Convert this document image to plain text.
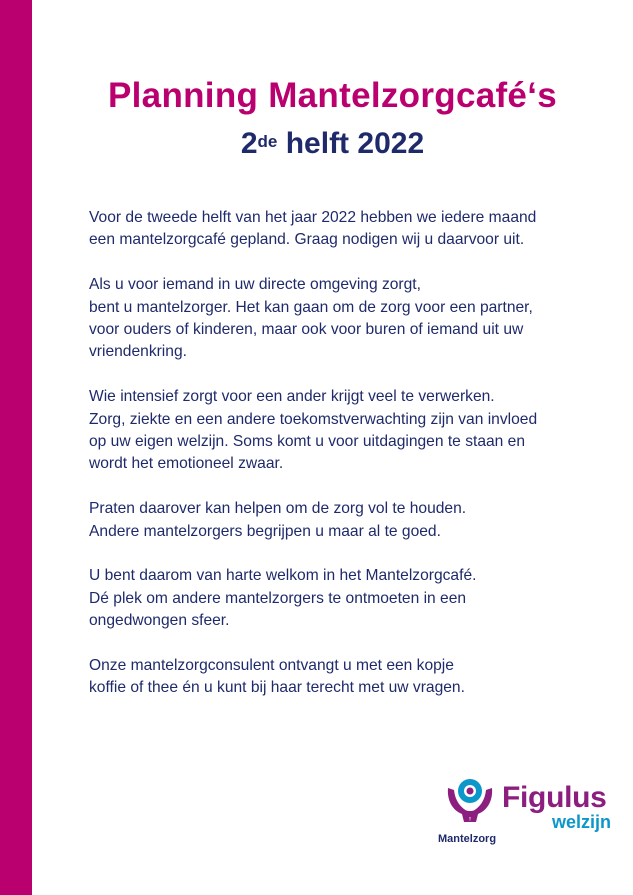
Planning Mantelzorgcafé‘s
2de helft 2022

Voor de tweede helft van het jaar 2022 hebben we iedere maand
een mantelzorgcafé gepland. Graag nodigen wij u daarvoor uit.

Als u voor iemand in uw directe omgeving zorgt,
bent u mantelzorger. Het kan gaan om de zorg voor een partner,
voor ouders of kinderen, maar ook voor buren of iemand uit uw
vriendenkring.

Wie intensief zorgt voor een ander krijgt veel te verwerken.
Zorg, ziekte en een andere toekomstverwachting zijn van invloed
op uw eigen welzijn. Soms komt u voor uitdagingen te staan en
wordt het emotioneel zwaar.

Praten daarover kan helpen om de zorg vol te houden.
Andere mantelzorgers begrijpen u maar al te goed.

U bent daarom van harte welkom in het Mantelzorgcafé.
Dé plek om andere mantelzorgers te ontmoeten in een
ongedwongen sfeer.

Onze mantelzorgconsulent ontvangt u met een kopje
koffie of thee én u kunt bij haar terecht met uw vragen.

Figulus
welzijn
Mantelzorg
